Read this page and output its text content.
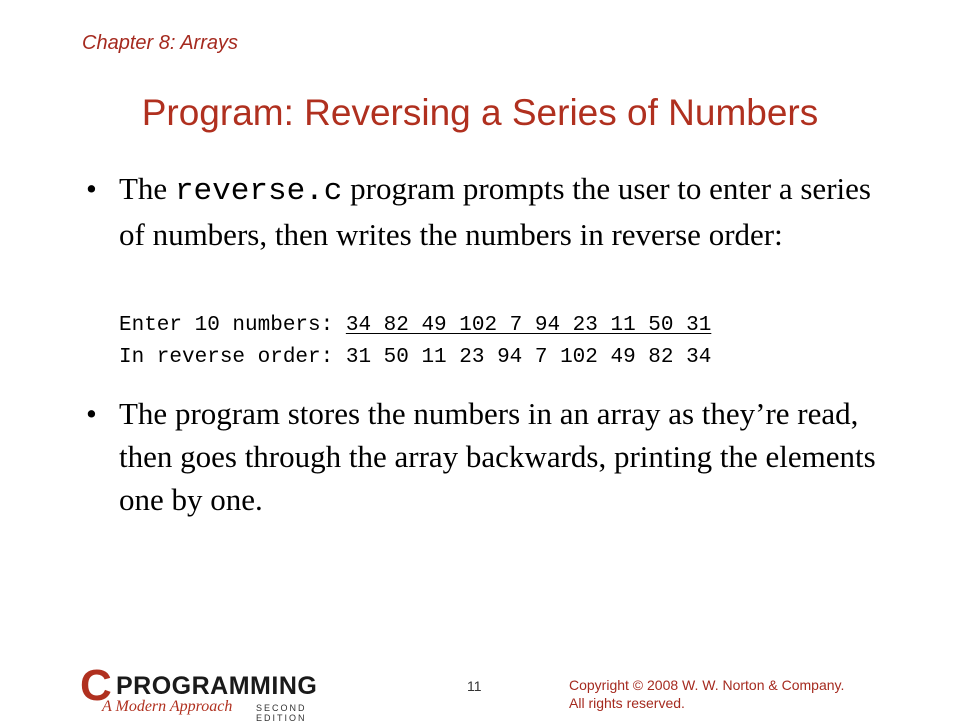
Chapter 8: Arrays
Program: Reversing a Series of Numbers
• The reverse.c program prompts the user to enter a series of numbers, then writes the numbers in reverse order:
Enter 10 numbers: 34 82 49 102 7 94 23 11 50 31
In reverse order: 31 50 11 23 94 7 102 49 82 34
• The program stores the numbers in an array as they’re read, then goes through the array backwards, printing the elements one by one.
C PROGRAMMING
A Modern Approach	SECOND EDITION
11	Copyright © 2008 W. W. Norton & Company.
All rights reserved.
